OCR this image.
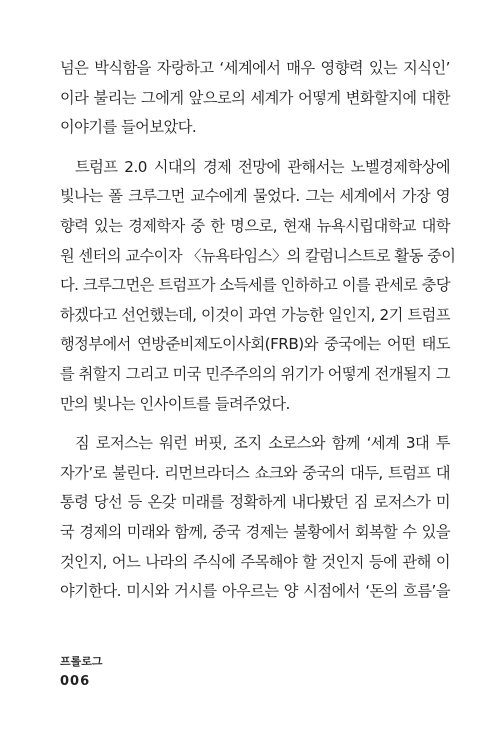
넘은 박식함을 자랑하고 ‘세계에서 매우 영향력 있는 지식인’
이라 불리는 그에게 앞으로의 세계가 어떻게 변화할지에 대한
이야기를 들어보았다.
트럼프 2.0 시대의 경제 전망에 관해서는 노벨경제학상에
빛나는 폴 크루그먼 교수에게 물었다. 그는 세계에서 가장 영
향력 있는 경제학자 중 한 명으로, 현재 뉴욕시립대학교 대학
원 센터의 교수이자 〈뉴욕타임스〉의 칼럼니스트로 활동 중이
다. 크루그먼은 트럼프가 소득세를 인하하고 이를 관세로 충당
하겠다고 선언했는데, 이것이 과연 가능한 일인지, 2기 트럼프
행정부에서 연방준비제도이사회(FRB)와 중국에는 어떤 태도
를 취할지 그리고 미국 민주주의의 위기가 어떻게 전개될지 그
만의 빛나는 인사이트를 들려주었다.
짐 로저스는 워런 버핏, 조지 소로스와 함께 ‘세계 3대 투
자가’로 불린다. 리먼브라더스 쇼크와 중국의 대두, 트럼프 대
통령 당선 등 온갖 미래를 정확하게 내다봤던 짐 로저스가 미
국 경제의 미래와 함께, 중국 경제는 불황에서 회복할 수 있을
것인지, 어느 나라의 주식에 주목해야 할 것인지 등에 관해 이
야기한다. 미시와 거시를 아우르는 양 시점에서 ‘돈의 흐름’을
프롤로그
006
